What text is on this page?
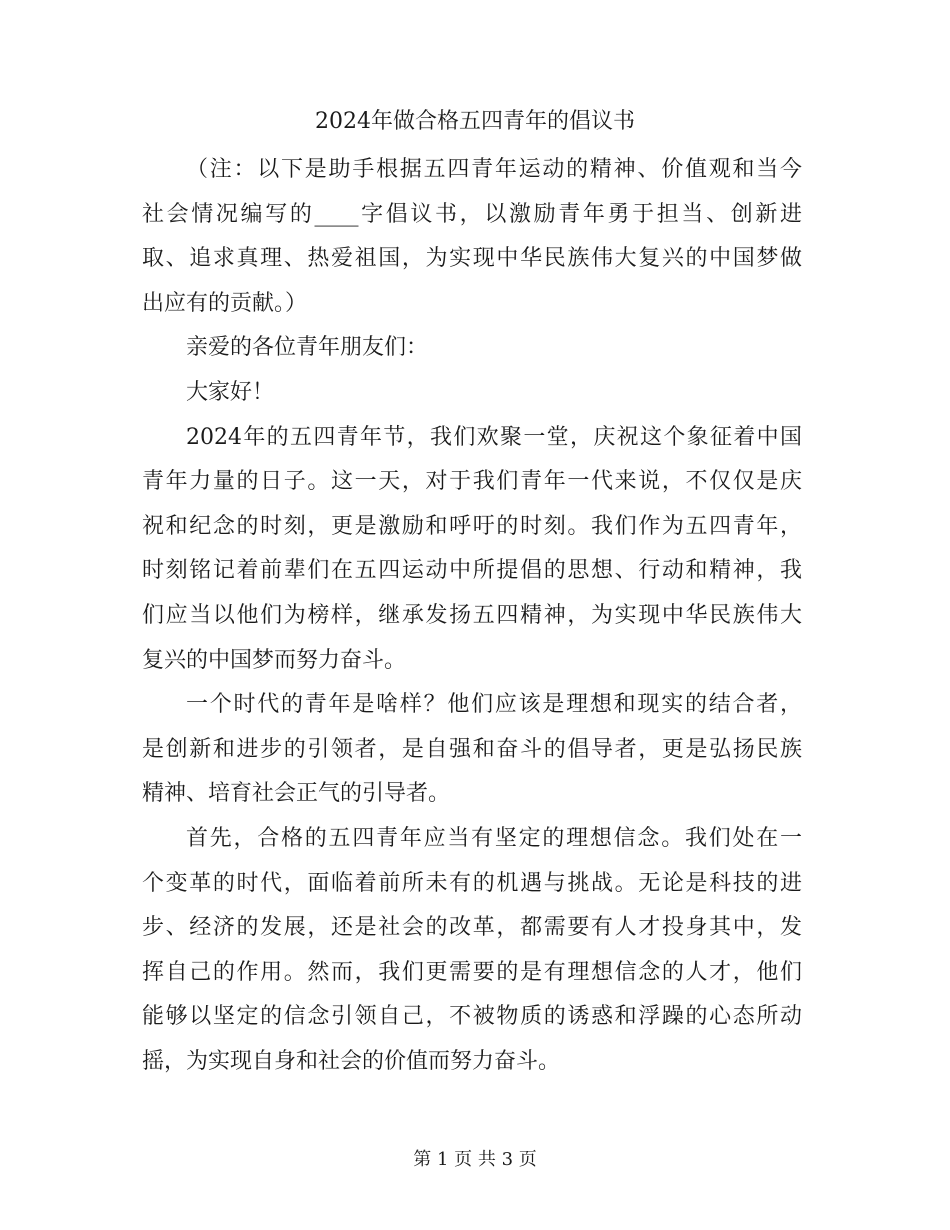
2024年做合格五四青年的倡议书
（注：以下是助手根据五四青年运动的精神、价值观和当今
社会情况编写的____字倡议书，以激励青年勇于担当、创新进
取、追求真理、热爱祖国，为实现中华民族伟大复兴的中国梦做
出应有的贡献。）
亲爱的各位青年朋友们：
大家好！
2024年的五四青年节，我们欢聚一堂，庆祝这个象征着中国
青年力量的日子。这一天，对于我们青年一代来说，不仅仅是庆
祝和纪念的时刻，更是激励和呼吁的时刻。我们作为五四青年，
时刻铭记着前辈们在五四运动中所提倡的思想、行动和精神，我
们应当以他们为榜样，继承发扬五四精神，为实现中华民族伟大
复兴的中国梦而努力奋斗。
一个时代的青年是啥样？他们应该是理想和现实的结合者，
是创新和进步的引领者，是自强和奋斗的倡导者，更是弘扬民族
精神、培育社会正气的引导者。
首先，合格的五四青年应当有坚定的理想信念。我们处在一
个变革的时代，面临着前所未有的机遇与挑战。无论是科技的进
步、经济的发展，还是社会的改革，都需要有人才投身其中，发
挥自己的作用。然而，我们更需要的是有理想信念的人才，他们
能够以坚定的信念引领自己，不被物质的诱惑和浮躁的心态所动
摇，为实现自身和社会的价值而努力奋斗。
第 1 页 共 3 页
